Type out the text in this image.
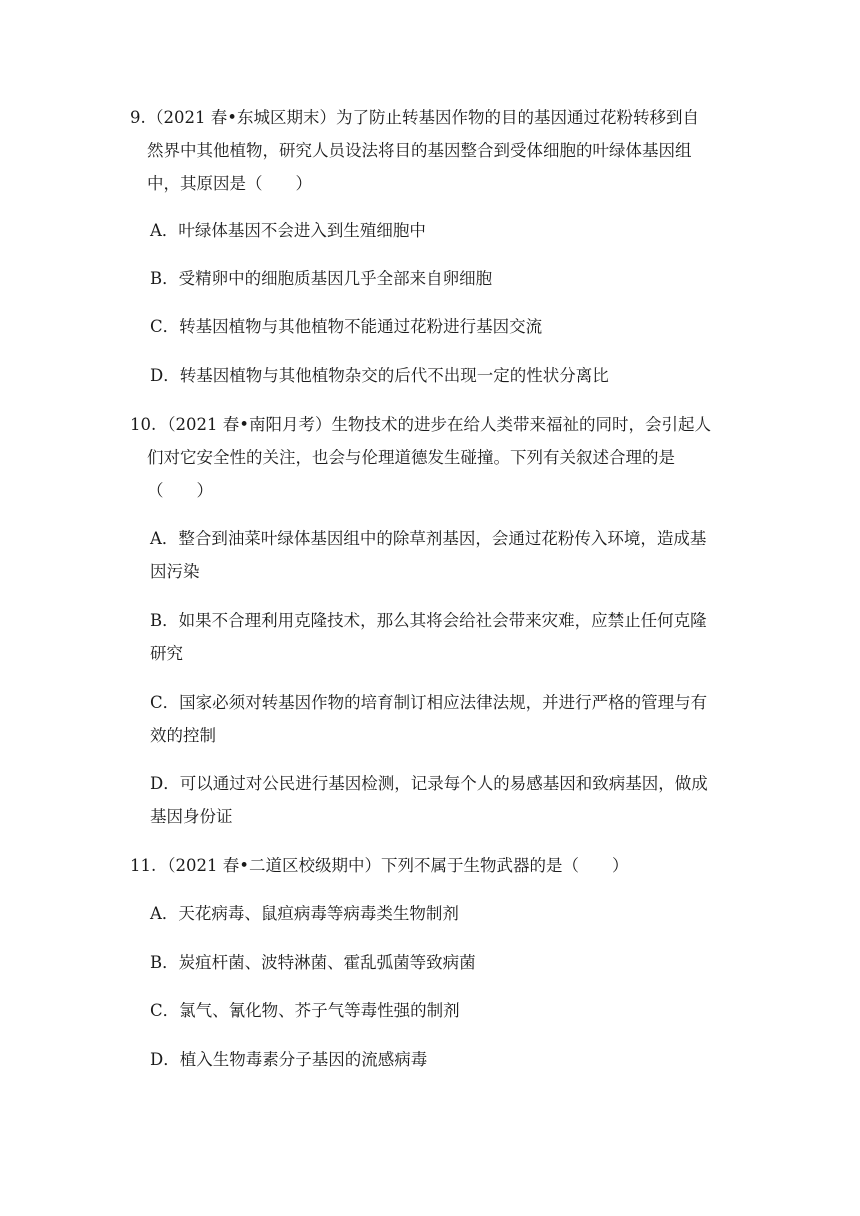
9. （2021 春•东城区期末）为了防止转基因作物的目的基因通过花粉转移到自
然界中其他植物，研究人员设法将目的基因整合到受体细胞的叶绿体基因组
中，其原因是（　　）
A．叶绿体基因不会进入到生殖细胞中
B．受精卵中的细胞质基因几乎全部来自卵细胞
C．转基因植物与其他植物不能通过花粉进行基因交流
D．转基因植物与其他植物杂交的后代不出现一定的性状分离比
10. （2021 春•南阳月考）生物技术的进步在给人类带来福祉的同时，会引起人
们对它安全性的关注，也会与伦理道德发生碰撞。下列有关叙述合理的是
（　　）
A．整合到油菜叶绿体基因组中的除草剂基因，会通过花粉传入环境，造成基
因污染
B．如果不合理利用克隆技术，那么其将会给社会带来灾难，应禁止任何克隆
研究
C．国家必须对转基因作物的培育制订相应法律法规，并进行严格的管理与有
效的控制
D．可以通过对公民进行基因检测，记录每个人的易感基因和致病基因，做成
基因身份证
11. （2021 春•二道区校级期中）下列不属于生物武器的是（　　）
A．天花病毒、鼠疸病毒等病毒类生物制剂
B．炭疽杆菌、波特淋菌、霍乱弧菌等致病菌
C．氯气、氰化物、芥子气等毒性强的制剂
D．植入生物毒素分子基因的流感病毒
